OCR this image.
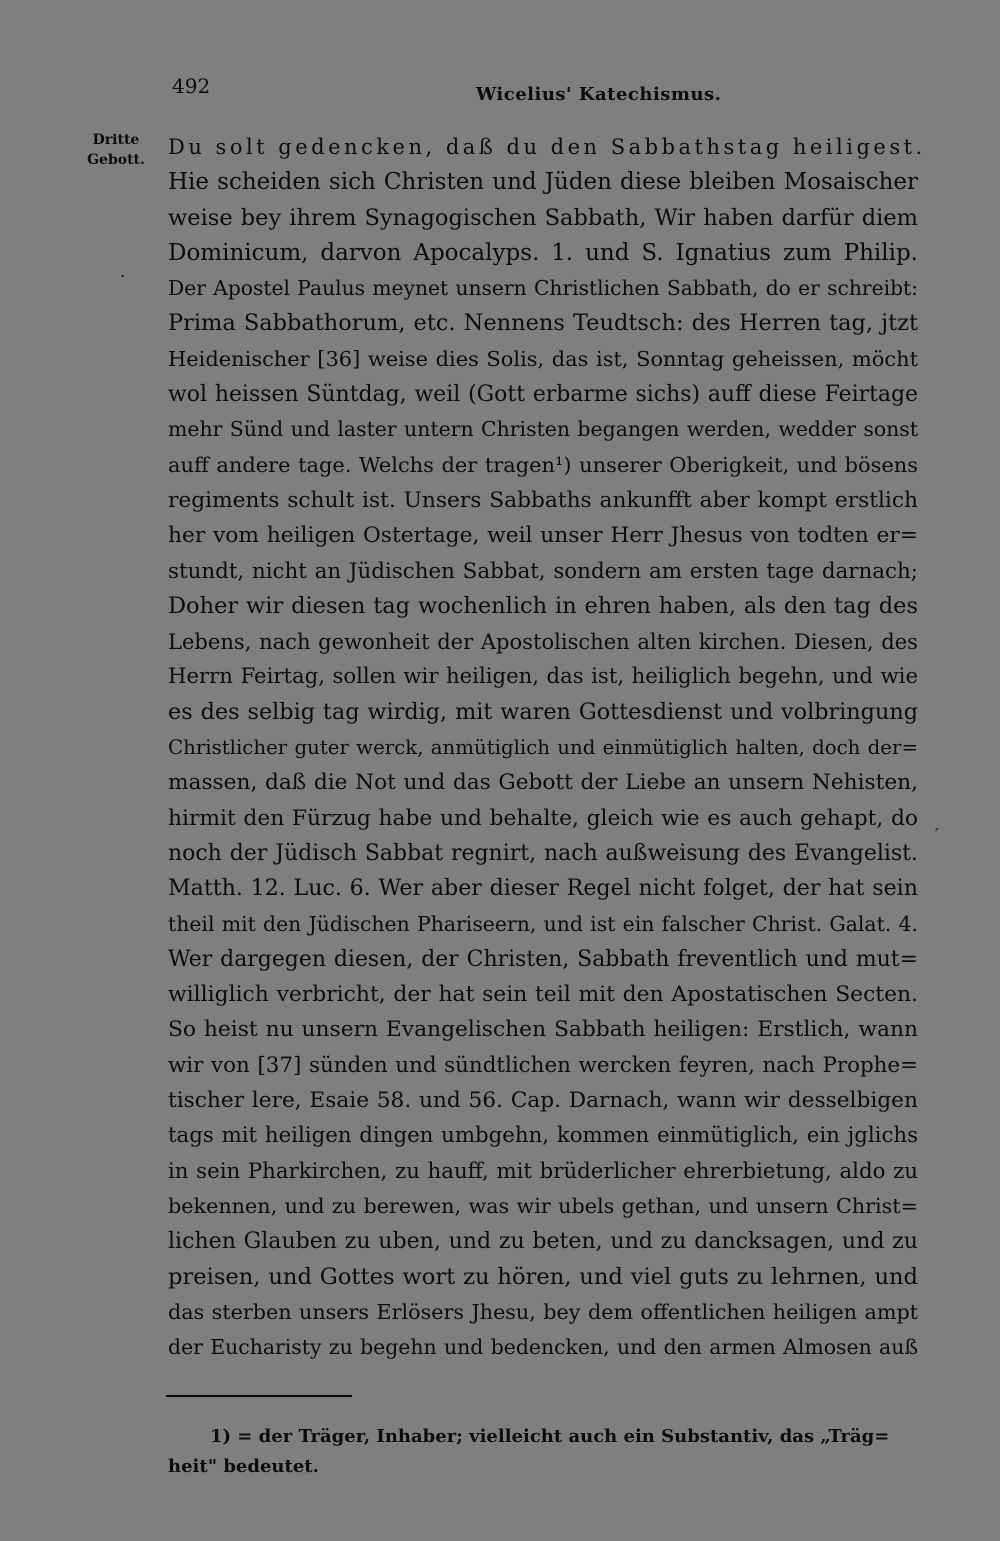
492	Wicelius' Katechismus.
Dritte
Gebott.
.
´
Du solt gedencken, daß du den Sabbathstag heiligest.
Hie scheiden sich Christen und Jüden diese bleiben Mosaischer
weise bey ihrem Synagogischen Sabbath, Wir haben darfür diem
Dominicum, darvon Apocalyps. 1. und S. Ignatius zum Philip.
Der Apostel Paulus meynet unsern Christlichen Sabbath, do er schreibt:
Prima Sabbathorum, etc. Nennens Teudtsch: des Herren tag, jtzt
Heidenischer [36] weise dies Solis, das ist, Sonntag geheissen, möcht
wol heissen Süntdag, weil (Gott erbarme sichs) auff diese Feirtage
mehr Sünd und laster untern Christen begangen werden, wedder sonst
auff andere tage. Welchs der tragen¹) unserer Oberigkeit, und bösens
regiments schult ist. Unsers Sabbaths ankunfft aber kompt erstlich
her vom heiligen Ostertage, weil unser Herr Jhesus von todten er=
stundt, nicht an Jüdischen Sabbat, sondern am ersten tage darnach;
Doher wir diesen tag wochenlich in ehren haben, als den tag des
Lebens, nach gewonheit der Apostolischen alten kirchen. Diesen, des
Herrn Feirtag, sollen wir heiligen, das ist, heiliglich begehn, und wie
es des selbig tag wirdig, mit waren Gottesdienst und volbringung
Christlicher guter werck, anmütiglich und einmütiglich halten, doch der=
massen, daß die Not und das Gebott der Liebe an unsern Nehisten,
hirmit den Fürzug habe und behalte, gleich wie es auch gehapt, do
noch der Jüdisch Sabbat regnirt, nach außweisung des Evangelist.
Matth. 12. Luc. 6. Wer aber dieser Regel nicht folget, der hat sein
theil mit den Jüdischen Phariseern, und ist ein falscher Christ. Galat. 4.
Wer dargegen diesen, der Christen, Sabbath freventlich und mut=
williglich verbricht, der hat sein teil mit den Apostatischen Secten.
So heist nu unsern Evangelischen Sabbath heiligen: Erstlich, wann
wir von [37] sünden und sündtlichen wercken feyren, nach Prophe=
tischer lere, Esaie 58. und 56. Cap. Darnach, wann wir desselbigen
tags mit heiligen dingen umbgehn, kommen einmütiglich, ein jglichs
in sein Pharkirchen, zu hauff, mit brüderlicher ehrerbietung, aldo zu
bekennen, und zu berewen, was wir ubels gethan, und unsern Christ=
lichen Glauben zu uben, und zu beten, und zu dancksagen, und zu
preisen, und Gottes wort zu hören, und viel guts zu lehrnen, und
das sterben unsers Erlösers Jhesu, bey dem offentlichen heiligen ampt
der Eucharisty zu begehn und bedencken, und den armen Almosen auß
1) = der Träger, Inhaber; vielleicht auch ein Substantiv, das „Träg=
heit" bedeutet.
